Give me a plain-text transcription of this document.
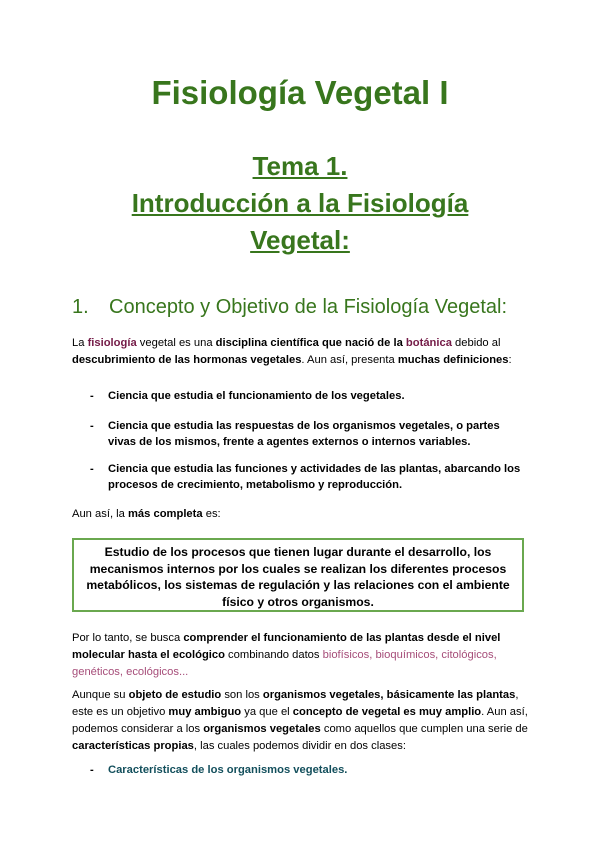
Fisiología Vegetal I
Tema 1.
Introducción a la Fisiología
Vegetal:
1. Concepto y Objetivo de la Fisiología Vegetal:

La fisiología vegetal es una disciplina científica que nació de la botánica debido al descubrimiento de las hormonas vegetales. Aun así, presenta muchas definiciones:

- Ciencia que estudia el funcionamiento de los vegetales.
- Ciencia que estudia las respuestas de los organismos vegetales, o partes vivas de los mismos, frente a agentes externos o internos variables.
- Ciencia que estudia las funciones y actividades de las plantas, abarcando los procesos de crecimiento, metabolismo y reproducción.

Aun así, la más completa es:

Estudio de los procesos que tienen lugar durante el desarrollo, los mecanismos internos por los cuales se realizan los diferentes procesos metabólicos, los sistemas de regulación y las relaciones con el ambiente físico y otros organismos.

Por lo tanto, se busca comprender el funcionamiento de las plantas desde el nivel molecular hasta el ecológico combinando datos biofísicos, bioquímicos, citológicos, genéticos, ecológicos...

Aunque su objeto de estudio son los organismos vegetales, básicamente las plantas, este es un objetivo muy ambiguo ya que el concepto de vegetal es muy amplio. Aun así, podemos considerar a los organismos vegetales como aquellos que cumplen una serie de características propias, las cuales podemos dividir en dos clases:

- Características de los organismos vegetales.
